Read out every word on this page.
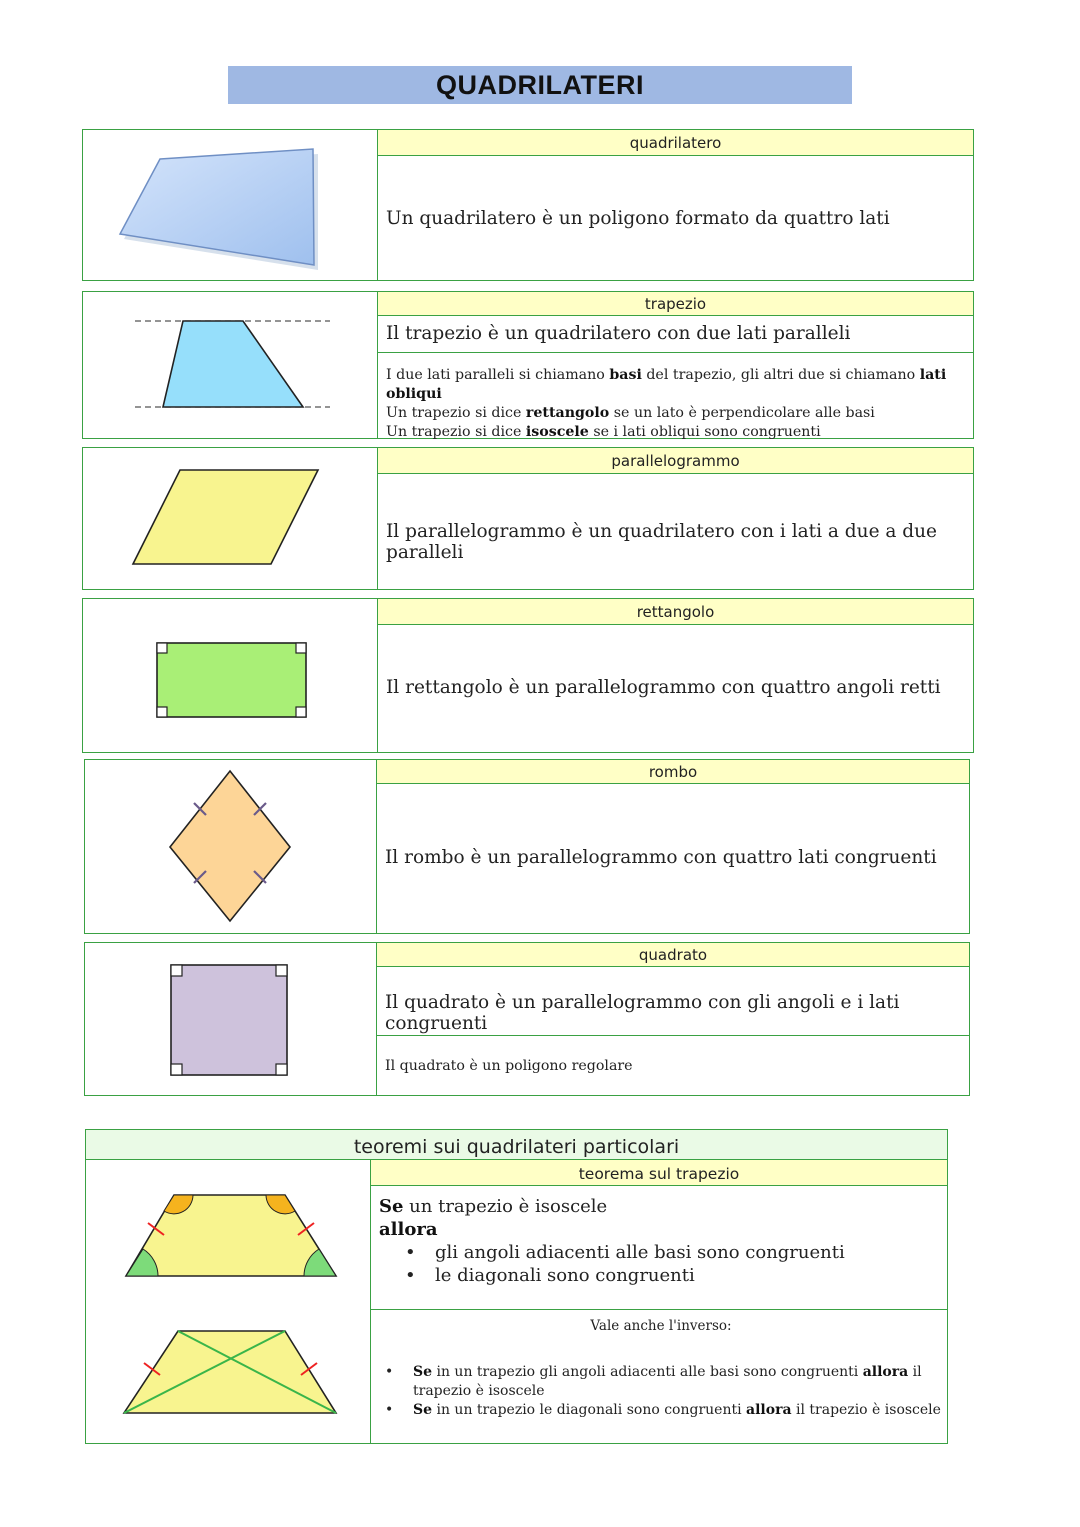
QUADRILATERI
quadrilatero
Un quadrilatero è un poligono formato da quattro lati
trapezio
Il trapezio è un quadrilatero con due lati paralleli
I due lati paralleli si chiamano basi del trapezio, gli altri due si chiamano lati obliqui
Un trapezio si dice rettangolo se un lato è perpendicolare alle basi
Un trapezio si dice isoscele se i lati obliqui sono congruenti
parallelogrammo
Il parallelogrammo è un quadrilatero con i lati a due a due paralleli
rettangolo
Il rettangolo è un parallelogrammo con quattro angoli retti
rombo
Il rombo è un parallelogrammo con quattro lati congruenti
quadrato
Il quadrato è un parallelogrammo con gli angoli e i lati congruenti
Il quadrato è un poligono regolare
teoremi sui quadrilateri particolari
teorema sul trapezio
Se un trapezio è isoscele
allora
• gli angoli adiacenti alle basi sono congruenti
• le diagonali sono congruenti
Vale anche l'inverso:
• Se in un trapezio gli angoli adiacenti alle basi sono congruenti allora il trapezio è isoscele
• Se in un trapezio le diagonali sono congruenti allora il trapezio è isoscele
